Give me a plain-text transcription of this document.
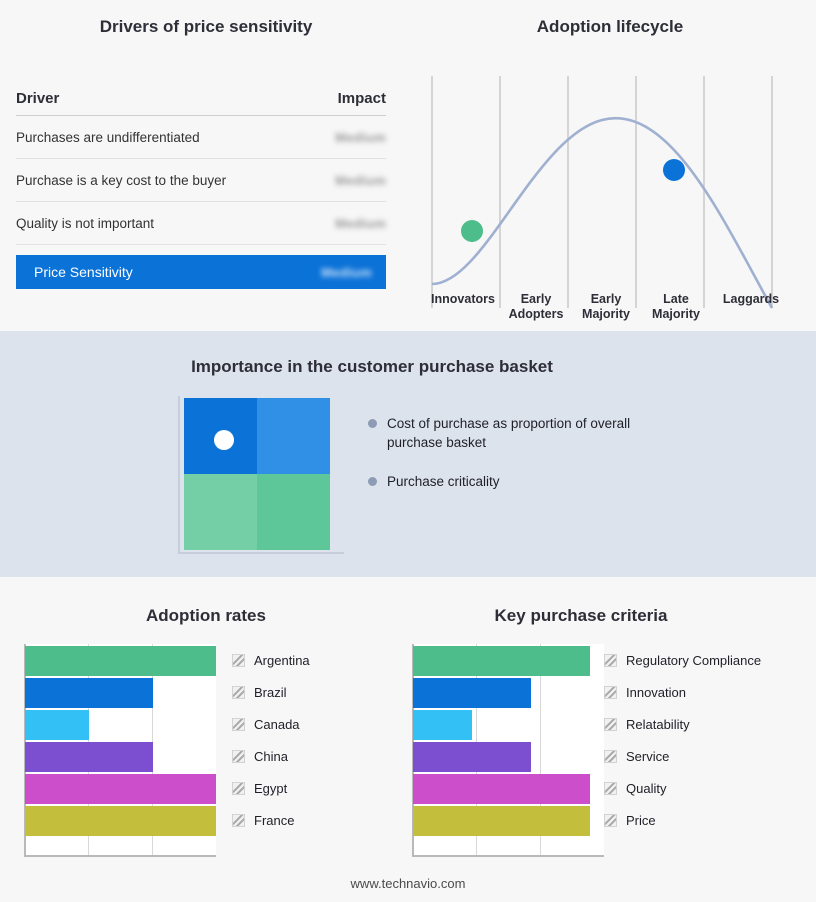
Drivers of price sensitivity
Driver	Impact
Purchases are undifferentiated	Medium
Purchase is a key cost to the buyer	Medium
Quality is not important	Medium
Price Sensitivity	Medium
Adoption lifecycle
Innovators	Early Adopters
Early Majority
Late Majority
Laggards
Importance in the customer purchase basket
Cost of purchase as proportion of overall purchase basket
Purchase criticality
Adoption rates
Argentina
Brazil
Canada
China
Egypt
France
Key purchase criteria
Regulatory Compliance
Innovation
Relatability
Service
Quality
Price
www.technavio.com
